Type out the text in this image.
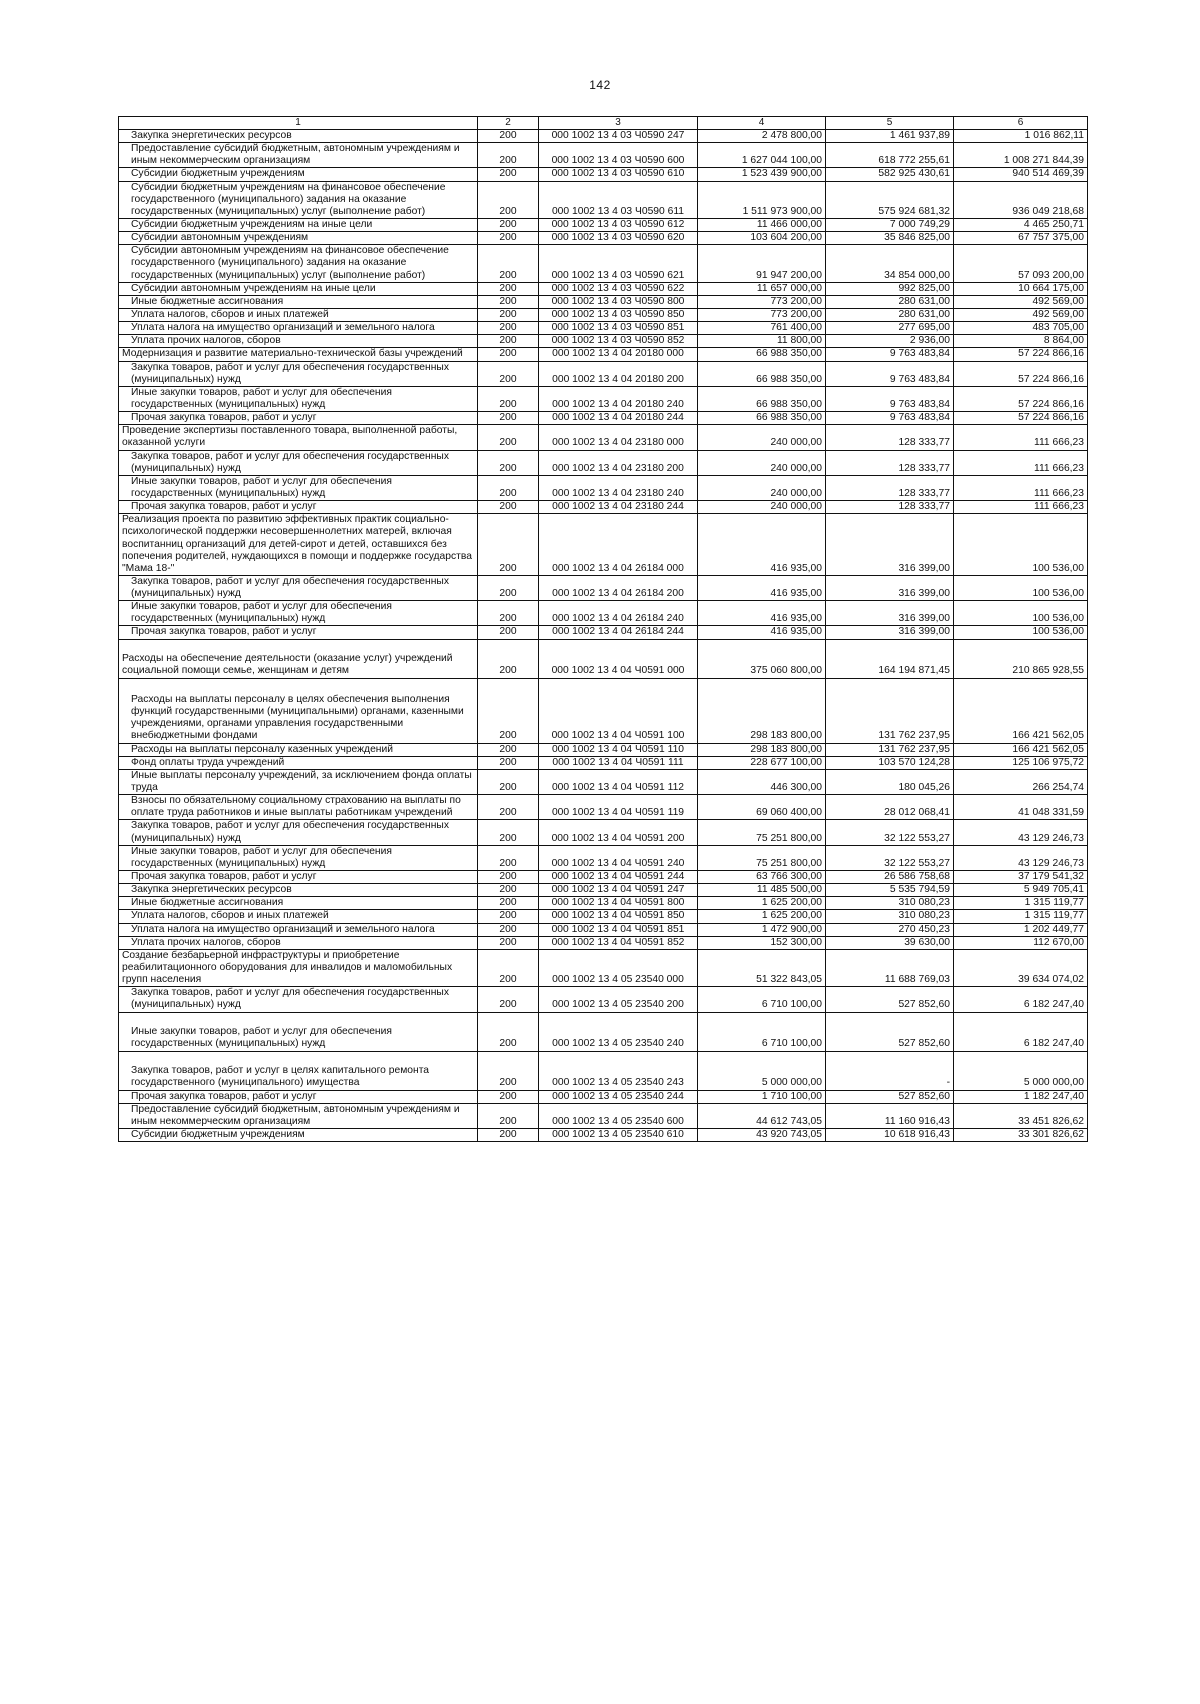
142
1	2	3	4	5	6
Закупка энергетических ресурсов	200	000 1002 13 4 03 Ч0590 247	2 478 800,00	1 461 937,89	1 016 862,11
Предоставление субсидий бюджетным, автономным учреждениям и иным некоммерческим организациям	200	000 1002 13 4 03 Ч0590 600	1 627 044 100,00	618 772 255,61	1 008 271 844,39
Субсидии бюджетным учреждениям	200	000 1002 13 4 03 Ч0590 610	1 523 439 900,00	582 925 430,61	940 514 469,39
Субсидии бюджетным учреждениям на финансовое обеспечение государственного (муниципального) задания на оказание государственных (муниципальных) услуг (выполнение работ)	200	000 1002 13 4 03 Ч0590 611	1 511 973 900,00	575 924 681,32	936 049 218,68
Субсидии бюджетным учреждениям на иные цели	200	000 1002 13 4 03 Ч0590 612	11 466 000,00	7 000 749,29	4 465 250,71
Субсидии автономным учреждениям	200	000 1002 13 4 03 Ч0590 620	103 604 200,00	35 846 825,00	67 757 375,00
Субсидии автономным учреждениям на финансовое обеспечение государственного (муниципального) задания на оказание государственных (муниципальных) услуг (выполнение работ)	200	000 1002 13 4 03 Ч0590 621	91 947 200,00	34 854 000,00	57 093 200,00
Субсидии автономным учреждениям на иные цели	200	000 1002 13 4 03 Ч0590 622	11 657 000,00	992 825,00	10 664 175,00
Иные бюджетные ассигнования	200	000 1002 13 4 03 Ч0590 800	773 200,00	280 631,00	492 569,00
Уплата налогов, сборов и иных платежей	200	000 1002 13 4 03 Ч0590 850	773 200,00	280 631,00	492 569,00
Уплата налога на имущество организаций и земельного налога	200	000 1002 13 4 03 Ч0590 851	761 400,00	277 695,00	483 705,00
Уплата прочих налогов, сборов	200	000 1002 13 4 03 Ч0590 852	11 800,00	2 936,00	8 864,00
Модернизация и развитие материально-технической базы учреждений	200	000 1002 13 4 04 20180 000	66 988 350,00	9 763 483,84	57 224 866,16
Закупка товаров, работ и услуг для обеспечения государственных (муниципальных) нужд	200	000 1002 13 4 04 20180 200	66 988 350,00	9 763 483,84	57 224 866,16
Иные закупки товаров, работ и услуг для обеспечения государственных (муниципальных) нужд	200	000 1002 13 4 04 20180 240	66 988 350,00	9 763 483,84	57 224 866,16
Прочая закупка товаров, работ и услуг	200	000 1002 13 4 04 20180 244	66 988 350,00	9 763 483,84	57 224 866,16
Проведение экспертизы поставленного товара, выполненной работы, оказанной услуги	200	000 1002 13 4 04 23180 000	240 000,00	128 333,77	111 666,23
Закупка товаров, работ и услуг для обеспечения государственных (муниципальных) нужд	200	000 1002 13 4 04 23180 200	240 000,00	128 333,77	111 666,23
Иные закупки товаров, работ и услуг для обеспечения государственных (муниципальных) нужд	200	000 1002 13 4 04 23180 240	240 000,00	128 333,77	111 666,23
Прочая закупка товаров, работ и услуг	200	000 1002 13 4 04 23180 244	240 000,00	128 333,77	111 666,23
Реализация проекта по развитию эффективных практик социально-психологической поддержки несовершеннолетних матерей, включая воспитанниц организаций для детей-сирот и детей, оставшихся без попечения родителей, нуждающихся в помощи и поддержке государства "Мама 18-"	200	000 1002 13 4 04 26184 000	416 935,00	316 399,00	100 536,00
Закупка товаров, работ и услуг для обеспечения государственных (муниципальных) нужд	200	000 1002 13 4 04 26184 200	416 935,00	316 399,00	100 536,00
Иные закупки товаров, работ и услуг для обеспечения государственных (муниципальных) нужд	200	000 1002 13 4 04 26184 240	416 935,00	316 399,00	100 536,00
Прочая закупка товаров, работ и услуг	200	000 1002 13 4 04 26184 244	416 935,00	316 399,00	100 536,00
Расходы на обеспечение деятельности (оказание услуг) учреждений социальной помощи семье, женщинам и детям	200	000 1002 13 4 04 Ч0591 000	375 060 800,00	164 194 871,45	210 865 928,55
Расходы на выплаты персоналу в целях обеспечения выполнения функций государственными (муниципальными) органами, казенными учреждениями, органами управления государственными внебюджетными фондами	200	000 1002 13 4 04 Ч0591 100	298 183 800,00	131 762 237,95	166 421 562,05
Расходы на выплаты персоналу казенных учреждений	200	000 1002 13 4 04 Ч0591 110	298 183 800,00	131 762 237,95	166 421 562,05
Фонд оплаты труда учреждений	200	000 1002 13 4 04 Ч0591 111	228 677 100,00	103 570 124,28	125 106 975,72
Иные выплаты персоналу учреждений, за исключением фонда оплаты труда	200	000 1002 13 4 04 Ч0591 112	446 300,00	180 045,26	266 254,74
Взносы по обязательному социальному страхованию на выплаты по оплате труда работников и иные выплаты работникам учреждений	200	000 1002 13 4 04 Ч0591 119	69 060 400,00	28 012 068,41	41 048 331,59
Закупка товаров, работ и услуг для обеспечения государственных (муниципальных) нужд	200	000 1002 13 4 04 Ч0591 200	75 251 800,00	32 122 553,27	43 129 246,73
Иные закупки товаров, работ и услуг для обеспечения государственных (муниципальных) нужд	200	000 1002 13 4 04 Ч0591 240	75 251 800,00	32 122 553,27	43 129 246,73
Прочая закупка товаров, работ и услуг	200	000 1002 13 4 04 Ч0591 244	63 766 300,00	26 586 758,68	37 179 541,32
Закупка энергетических ресурсов	200	000 1002 13 4 04 Ч0591 247	11 485 500,00	5 535 794,59	5 949 705,41
Иные бюджетные ассигнования	200	000 1002 13 4 04 Ч0591 800	1 625 200,00	310 080,23	1 315 119,77
Уплата налогов, сборов и иных платежей	200	000 1002 13 4 04 Ч0591 850	1 625 200,00	310 080,23	1 315 119,77
Уплата налога на имущество организаций и земельного налога	200	000 1002 13 4 04 Ч0591 851	1 472 900,00	270 450,23	1 202 449,77
Уплата прочих налогов, сборов	200	000 1002 13 4 04 Ч0591 852	152 300,00	39 630,00	112 670,00
Создание безбарьерной инфраструктуры и приобретение реабилитационного оборудования для инвалидов и маломобильных групп населения	200	000 1002 13 4 05 23540 000	51 322 843,05	11 688 769,03	39 634 074,02
Закупка товаров, работ и услуг для обеспечения государственных (муниципальных) нужд	200	000 1002 13 4 05 23540 200	6 710 100,00	527 852,60	6 182 247,40
Иные закупки товаров, работ и услуг для обеспечения государственных (муниципальных) нужд	200	000 1002 13 4 05 23540 240	6 710 100,00	527 852,60	6 182 247,40
Закупка товаров, работ и услуг в целях капитального ремонта государственного (муниципального) имущества	200	000 1002 13 4 05 23540 243	5 000 000,00	-	5 000 000,00
Прочая закупка товаров, работ и услуг	200	000 1002 13 4 05 23540 244	1 710 100,00	527 852,60	1 182 247,40
Предоставление субсидий бюджетным, автономным учреждениям и иным некоммерческим организациям	200	000 1002 13 4 05 23540 600	44 612 743,05	11 160 916,43	33 451 826,62
Субсидии бюджетным учреждениям	200	000 1002 13 4 05 23540 610	43 920 743,05	10 618 916,43	33 301 826,62
